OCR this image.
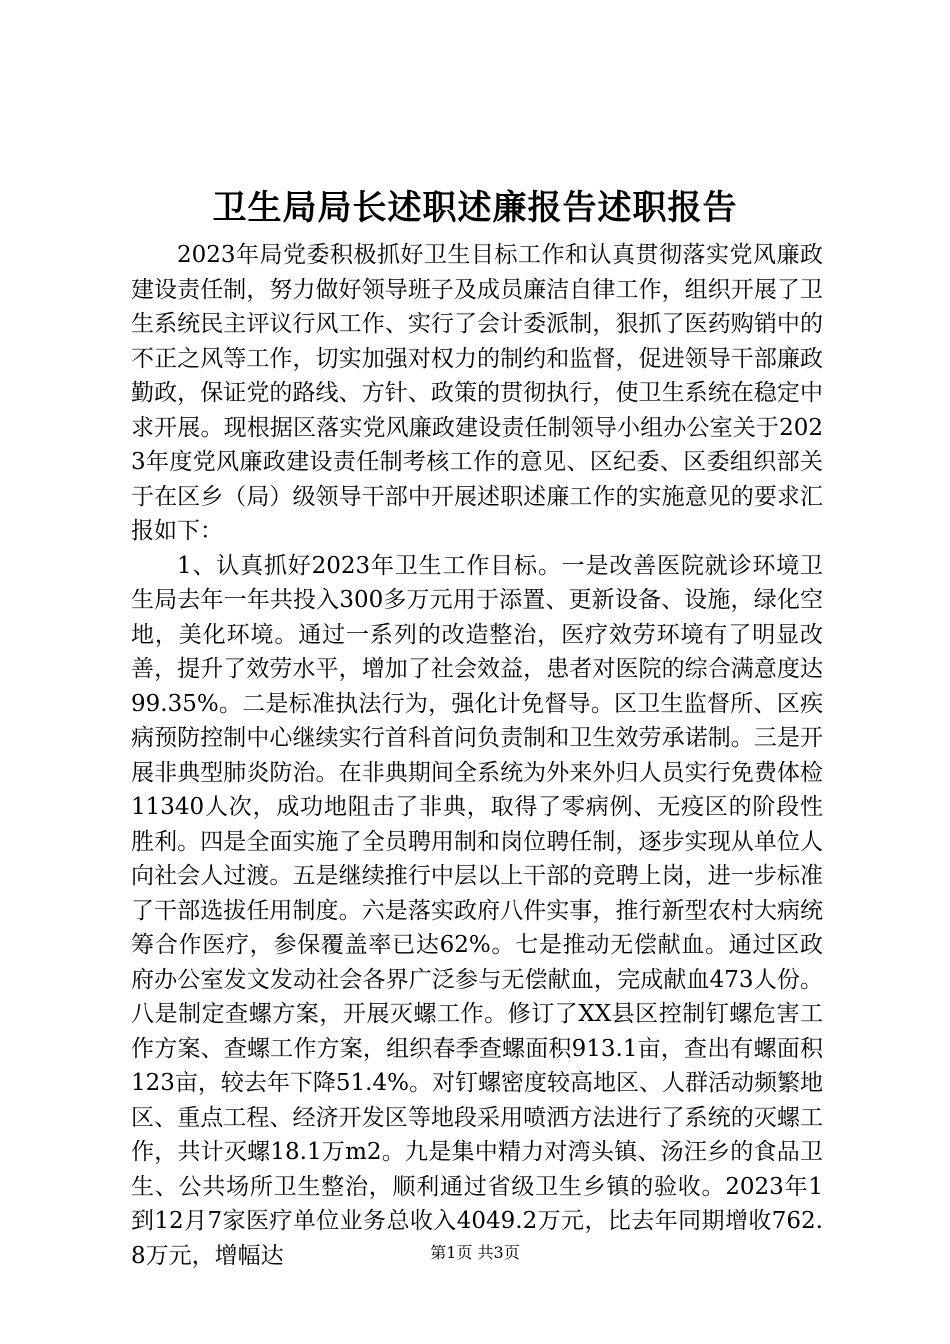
卫生局局长述职述廉报告述职报告

2023年局党委积极抓好卫生目标工作和认真贯彻落实党风廉政建设责任制，努力做好领导班子及成员廉洁自律工作，组织开展了卫生系统民主评议行风工作、实行了会计委派制，狠抓了医药购销中的不正之风等工作，切实加强对权力的制约和监督，促进领导干部廉政勤政，保证党的路线、方针、政策的贯彻执行，使卫生系统在稳定中求开展。现根据区落实党风廉政建设责任制领导小组办公室关于2023年度党风廉政建设责任制考核工作的意见、区纪委、区委组织部关于在区乡（局）级领导干部中开展述职述廉工作的实施意见的要求汇报如下：

1、认真抓好2023年卫生工作目标。一是改善医院就诊环境卫生局去年一年共投入300多万元用于添置、更新设备、设施，绿化空地，美化环境。通过一系列的改造整治，医疗效劳环境有了明显改善，提升了效劳水平，增加了社会效益，患者对医院的综合满意度达99.35%。二是标准执法行为，强化计免督导。区卫生监督所、区疾病预防控制中心继续实行首科首问负责制和卫生效劳承诺制。三是开展非典型肺炎防治。在非典期间全系统为外来外归人员实行免费体检11340人次，成功地阻击了非典，取得了零病例、无疫区的阶段性胜利。四是全面实施了全员聘用制和岗位聘任制，逐步实现从单位人向社会人过渡。五是继续推行中层以上干部的竞聘上岗，进一步标准了干部选拔任用制度。六是落实政府八件实事，推行新型农村大病统筹合作医疗，参保覆盖率已达62%。七是推动无偿献血。通过区政府办公室发文发动社会各界广泛参与无偿献血，完成献血473人份。八是制定查螺方案，开展灭螺工作。修订了XX县区控制钉螺危害工作方案、查螺工作方案，组织春季查螺面积913.1亩，查出有螺面积123亩，较去年下降51.4%。对钉螺密度较高地区、人群活动频繁地区、重点工程、经济开发区等地段采用喷洒方法进行了系统的灭螺工作，共计灭螺18.1万m2。九是集中精力对湾头镇、汤汪乡的食品卫生、公共场所卫生整治，顺利通过省级卫生乡镇的验收。2023年1到12月7家医疗单位业务总收入4049.2万元，比去年同期增收762.8万元，增幅达	第1页 共3页
